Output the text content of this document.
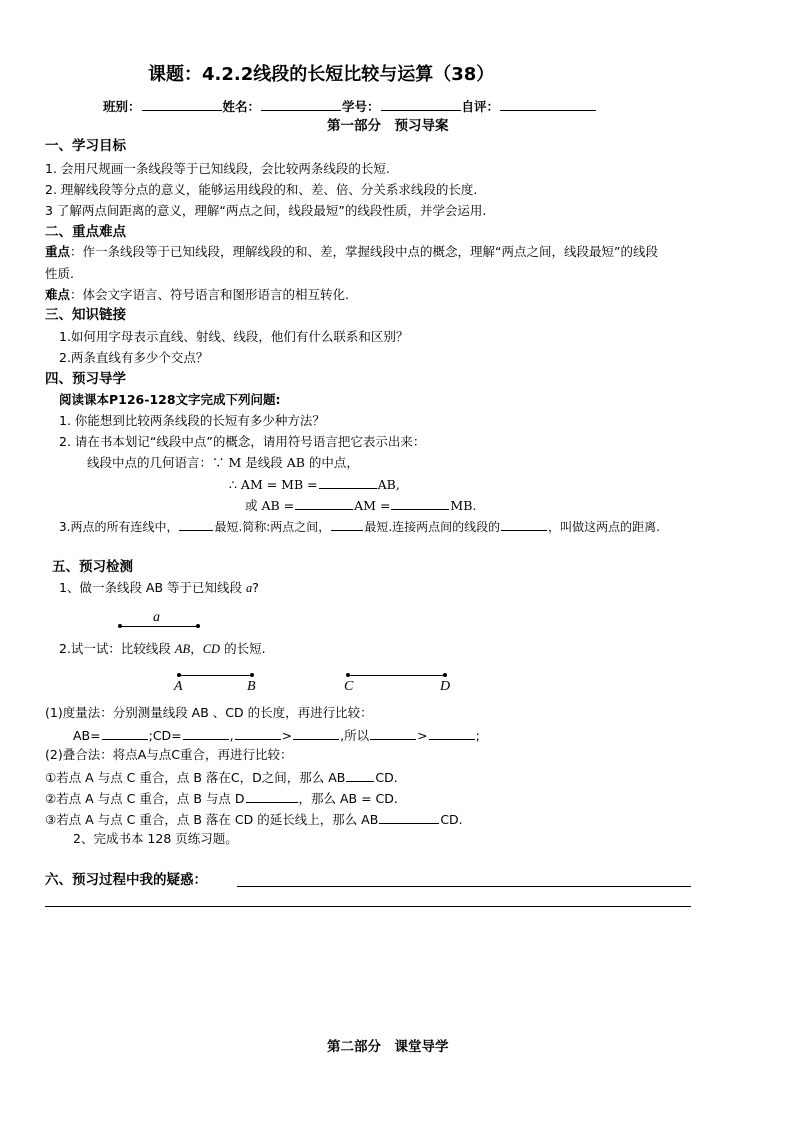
课题：4.2.2线段的长短比较与运算（38）
班别：	姓名：	学号：	自评：
第一部分　预习导案
一、学习目标
1. 会用尺规画一条线段等于已知线段，会比较两条线段的长短.
2. 理解线段等分点的意义，能够运用线段的和、差、倍、分关系求线段的长度.
3 了解两点间距离的意义，理解“两点之间，线段最短”的线段性质，并学会运用.
二、重点难点
重点：作一条线段等于已知线段，理解线段的和、差，掌握线段中点的概念，理解“两点之间，线段最短”的线段
性质.
难点：体会文字语言、符号语言和图形语言的相互转化.
三、知识链接
1.如何用字母表示直线、射线、线段，他们有什么联系和区别？
2.两条直线有多少个交点？
四、预习导学
阅读课本P126-128文字完成下列问题:
1. 你能想到比较两条线段的长短有多少种方法？
2. 请在书本划记“线段中点”的概念，请用符号语言把它表示出来：
线段中点的几何语言：∵ M 是线段 AB 的中点，
∴ AM = MB =	AB,
或 AB =	AM =	MB.
3.两点的所有连线中，	最短.简称:两点之间，	最短.连接两点间的线段的	，叫做这两点的距离.
五、预习检测
1、做一条线段 AB 等于已知线段 a?
a
2.试一试：比较线段 AB，CD 的长短.
A	B	C	D
(1)度量法：分别测量线段 AB 、CD 的长度，再进行比较：
AB=	;CD=	,	>	,所以	>	;
(2)叠合法：将点A与点C重合，再进行比较：
①若点 A 与点 C 重合，点 B 落在C，D之间，那么 AB CD.
②若点 A 与点 C 重合，点 B 与点 D	，那么 AB = CD.
③若点 A 与点 C 重合，点 B 落在 CD 的延长线上，那么 AB	CD.
2、完成书本 128 页练习题。
六、预习过程中我的疑惑：
第二部分　课堂导学
